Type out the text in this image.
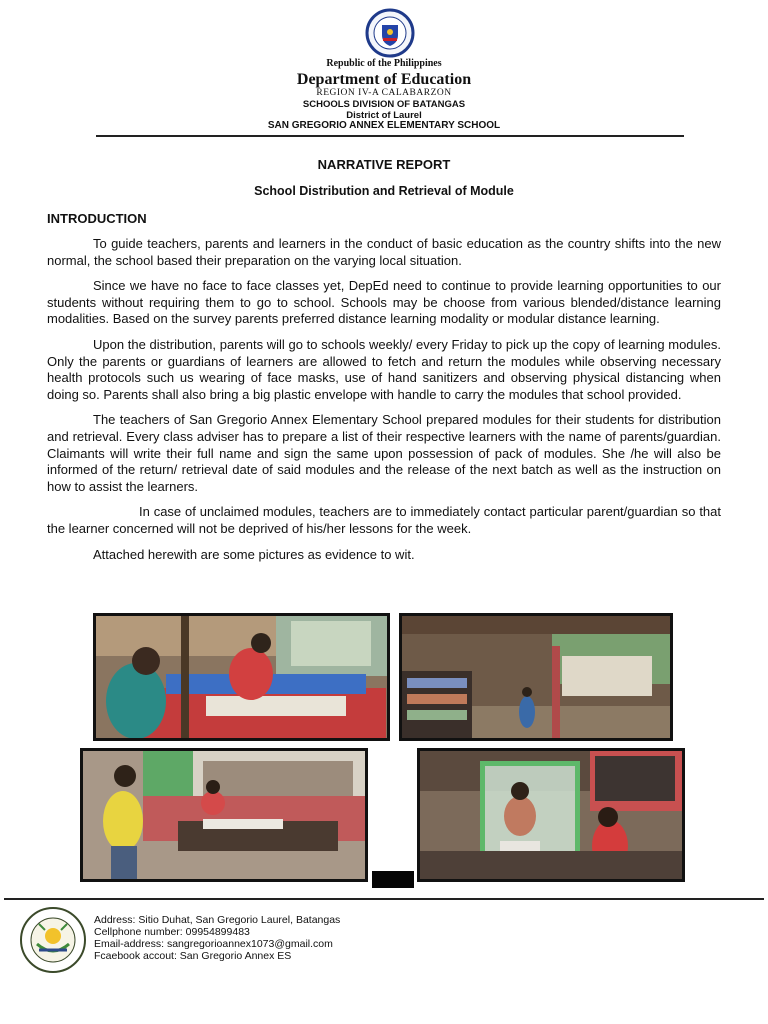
Republic of the Philippines
Department of Education
REGION IV-A CALABARZON
SCHOOLS DIVISION OF BATANGAS
District of Laurel
SAN GREGORIO ANNEX ELEMENTARY SCHOOL
NARRATIVE REPORT
School Distribution and Retrieval of Module
INTRODUCTION

To guide teachers, parents and learners in the conduct of basic education as the country shifts into the new normal, the school based their preparation on the varying local situation.

Since we have no face to face classes yet, DepEd need to continue to provide learning opportunities to our students without requiring them to go to school. Schools may be choose from various blended/distance learning modalities. Based on the survey parents preferred distance learning modality or modular distance learning.

Upon the distribution, parents will go to schools weekly/ every Friday to pick up the copy of learning modules. Only the parents or guardians of learners are allowed to fetch and return the modules while observing necessary health protocols such us wearing of face masks, use of hand sanitizers and observing physical distancing when doing so. Parents shall also bring a big plastic envelope with handle to carry the modules that school provided.

The teachers of San Gregorio Annex Elementary School prepared modules for their students for distribution and retrieval. Every class adviser has to prepare a list of their respective learners with the name of parents/guardian. Claimants will write their full name and sign the same upon possession of pack of modules. She /he will also be informed of the return/ retrieval date of said modules and the release of the next batch as well as the instruction on how to assist the learners.

In case of unclaimed modules, teachers are to immediately contact particular parent/guardian so that the learner concerned will not be deprived of his/her lessons for the week.

Attached herewith are some pictures as evidence to wit.

Address: Sitio Duhat, San Gregorio Laurel, Batangas
Cellphone number: 09954899483
Email-address: sangregorioannex1073@gmail.com
Fcaebook accout: San Gregorio Annex ES
